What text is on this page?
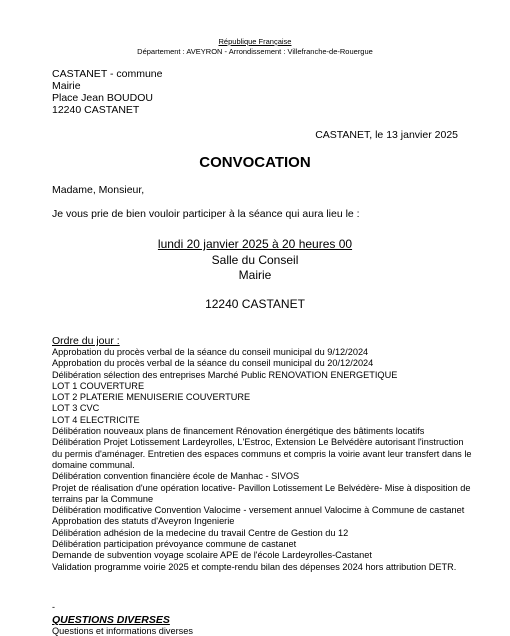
République Française
Département : AVEYRON - Arrondissement : Villefranche-de-Rouergue
CASTANET - commune
Mairie
Place Jean BOUDOU
12240 CASTANET
CASTANET, le 13 janvier 2025
CONVOCATION
Madame, Monsieur,
Je vous prie de bien vouloir participer à la séance qui aura lieu le :
lundi 20 janvier 2025 à 20 heures 00
Salle du Conseil
Mairie
12240 CASTANET
Ordre du jour :
Approbation du procès verbal de la séance du conseil municipal du 9/12/2024
Approbation du procès verbal de la séance du conseil municipal du 20/12/2024
Délibération sélection des entreprises Marché Public RENOVATION ENERGETIQUE
LOT 1 COUVERTURE
LOT 2 PLATERIE MENUISERIE COUVERTURE
LOT 3 CVC
LOT 4 ELECTRICITE
Délibération nouveaux plans de financement Rénovation énergétique des bâtiments locatifs
Délibération Projet Lotissement Lardeyrolles, L'Estroc, Extension Le Belvédère autorisant l'instruction du permis d'aménager. Entretien des espaces communs et compris la voirie avant leur transfert dans le domaine communal.
Délibération convention financière école de Manhac - SIVOS
Projet de réalisation d'une opération locative- Pavillon Lotissement Le Belvédère- Mise à disposition de terrains par la Commune
Délibération modificative Convention Valocime - versement annuel Valocime à Commune de castanet
Approbation des statuts d'Aveyron Ingenierie
Délibération adhésion de la medecine du travail Centre de Gestion du 12
Délibération participation prévoyance commune de castanet
Demande de subvention voyage scolaire APE de l'école Lardeyrolles-Castanet
Validation programme voirie 2025 et compte-rendu bilan des dépenses 2024 hors attribution DETR.
-
QUESTIONS DIVERSES
Questions et informations diverses
